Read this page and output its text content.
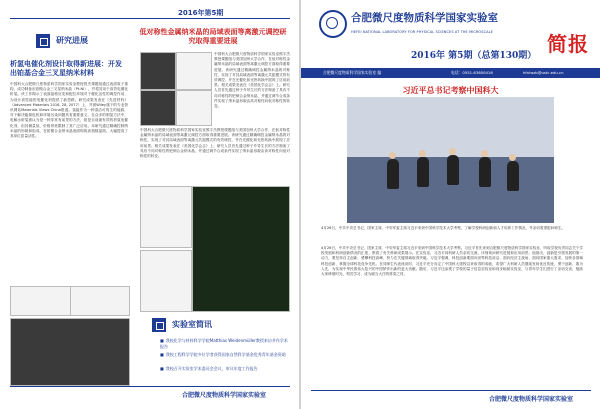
2016年第5期
研究进展
析氢电催化剂设计取得新进展：开发出铂基合金三叉星纳米材料
中国科大合肥微尺度物质科学国家实验室教授曾杰课题组通过表面原子重构，成功制备出铂镍合金三叉星纳米晶（Pt-Ni），并将其用于高效电催化析氢。该工作揭示了表面晶格应变和配位环境对于催化活性的调控作用，为设计高性能的电催化剂提供了新思路。研究成果发表在《先进材料》（Advanced Materials 2016, 28, 2077）上，并被Wiley旗下的专业资讯网站Materials Views China报道。氢能作为一种清洁可再生的能源，对于解决能源危机和环境污染问题具有重要意义。在众多的制氢方法中，电解水析氢被认为是一种非常有前景的方法，铂是目前最有效的析氢电催化剂，但其储量低、价格昂贵限制了其广泛应用。本研究通过精确控制纳米晶的形貌和组成，在铂镍合金纳米晶表面构筑高指数晶面，大幅提高了其单位质量活性。
低对称性金属纳米晶的局域表面等离激元调控研究取得重要进展
中国科大合肥微尺度物质科学国家实验室熊宇杰教授课题组与美国加州大学合作，在低对称性金属纳米晶的局域表面等离激元调控方面取得重要进展。该研究通过精确调控金属纳米晶的对称性，实现了对其局域表面等离激元共振模式的有效调控，并在光催化和光热转换中展现了应用前景。相关成果发表在《美国化学会志》上。研究人员首先通过种子介导生长的方法制备了具有不同对称性的钯铜合金纳米晶，并通过调节合成条件实现了纳米晶形貌由高对称性向低对称性的转变。
中国科大合肥微尺度物质科学国家实验室熊宇杰教授课题组与美国加州大学合作，在低对称性金属纳米晶的局域表面等离激元调控方面取得重要进展。该研究通过精确调控金属纳米晶的对称性，实现了对其局域表面等离激元共振模式的有效调控，并在光催化和光热转换中展现了应用前景。相关成果发表在《美国化学会志》上。研究人员首先通过种子介导生长的方法制备了具有不同对称性的钯铜合金纳米晶，并通过调节合成条件实现了纳米晶形貌由高对称性向低对称性的转变。
实验室简讯
■ 我校化学与材料科学学院Matthias Weidenmüller教授来访并作学术报告
■ 我校工程科学学院多位学者获得国家自然科学基金优秀青年基金资助
■ 我校召开实验室学术委员会会议，审议年度工作报告
合肥微尺度物质科学国家实验室
合肥微尺度物质科学国家实验室
HEFEI NATIONAL LABORATORY FOR PHYSICAL SCIENCES AT THE MICROSCALE
2016年 第5期（总第130期） 简报
合肥微尺度物质科学国家实验室 编	电话：0551-63600416	hfnlwzb@ustc.edu.cn
习近平总书记考察中国科大
4月26日，中共中央总书记、国家主席、中央军委主席习近平来到中国科学技术大学考察，了解学校科研创新和人才培养工作情况，并亲切看望慰问师生。
4月26日，中共中央总书记、国家主席、中央军委主席习近平来到中国科学技术大学考察。习近平首先来到合肥微尺度物质科学国家实验室，听取学校负责同志关于学校发展和科研创新情况的汇报，察看了有关科研成果展示。在实验室，习近平同科研人员亲切交流，详细询问研究进展和应用前景。他指出，创新是引领发展的第一动力，要坚持自主创新，勇攀科技高峰，努力在关键领域取得突破。习近平强调，科技创新要面向世界科技前沿、面向经济主战场、面向国家重大需求，加快各领域科技创新，掌握全球科技竞争先机。在同师生代表座谈时，习近平充分肯定了中国科大建校以来取得的成就，希望广大科研人员继续发扬优良传统，勇于创新、敢为人先，为实现中华民族伟大复兴的中国梦作出新的更大贡献。随后，习近平还参观了学校的量子信息实验室和同步辐射实验室，与青年学生们进行了亲切交谈，勉励大家珍惜时光、刻苦学习，成为堪当大任的栋梁之材。
合肥微尺度物质科学国家实验室
